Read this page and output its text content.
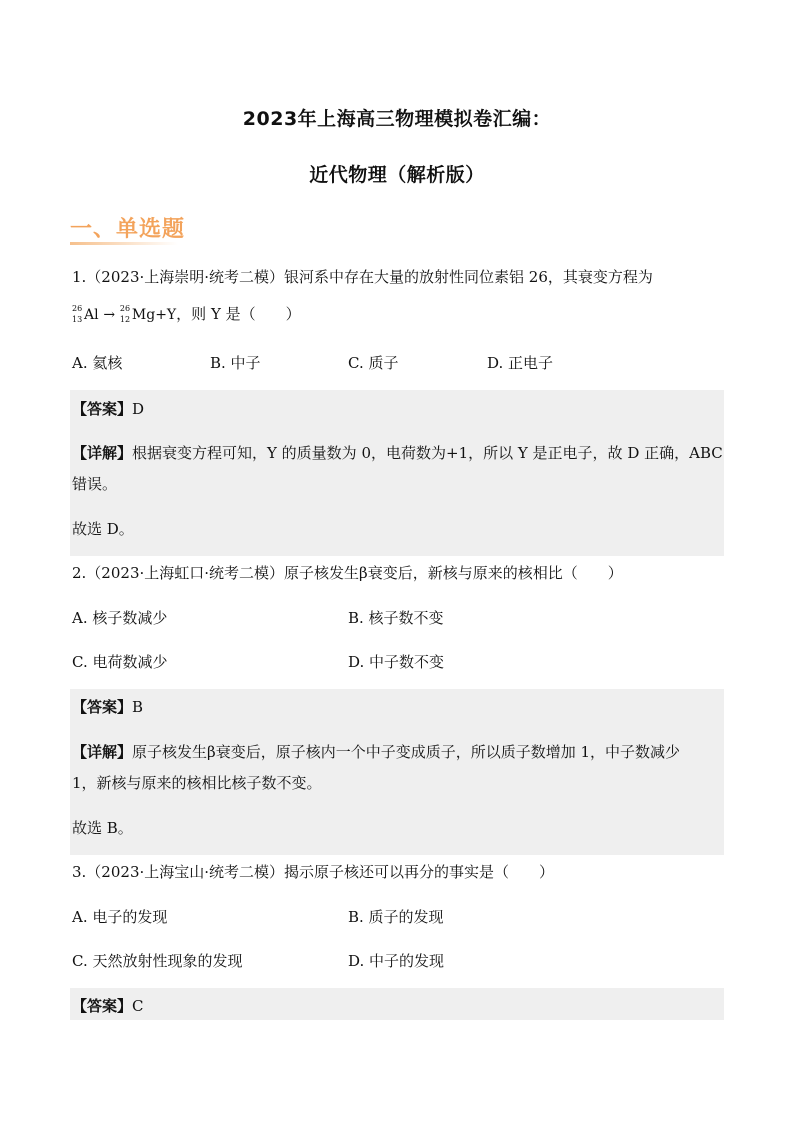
2023年上海高三物理模拟卷汇编：
近代物理（解析版）
一、单选题
1.（2023·上海崇明·统考二模）银河系中存在大量的放射性同位素铝 26，其衰变方程为
26
13 Al → 26
12 Mg+Y，则 Y 是（　　）
A. 氦核	B. 中子	C. 质子	D. 正电子
【答案】D
【详解】根据衰变方程可知，Y 的质量数为 0，电荷数为+1，所以 Y 是正电子，故 D 正确，ABC
错误。
故选 D。
2.（2023·上海虹口·统考二模）原子核发生β衰变后，新核与原来的核相比（　　）
A. 核子数减少	B. 核子数不变
C. 电荷数减少	D. 中子数不变
【答案】B
【详解】原子核发生β衰变后，原子核内一个中子变成质子，所以质子数增加 1，中子数减少
1，新核与原来的核相比核子数不变。
故选 B。
3.（2023·上海宝山·统考二模）揭示原子核还可以再分的事实是（　　）
A. 电子的发现	B. 质子的发现
C. 天然放射性现象的发现	D. 中子的发现
【答案】C
